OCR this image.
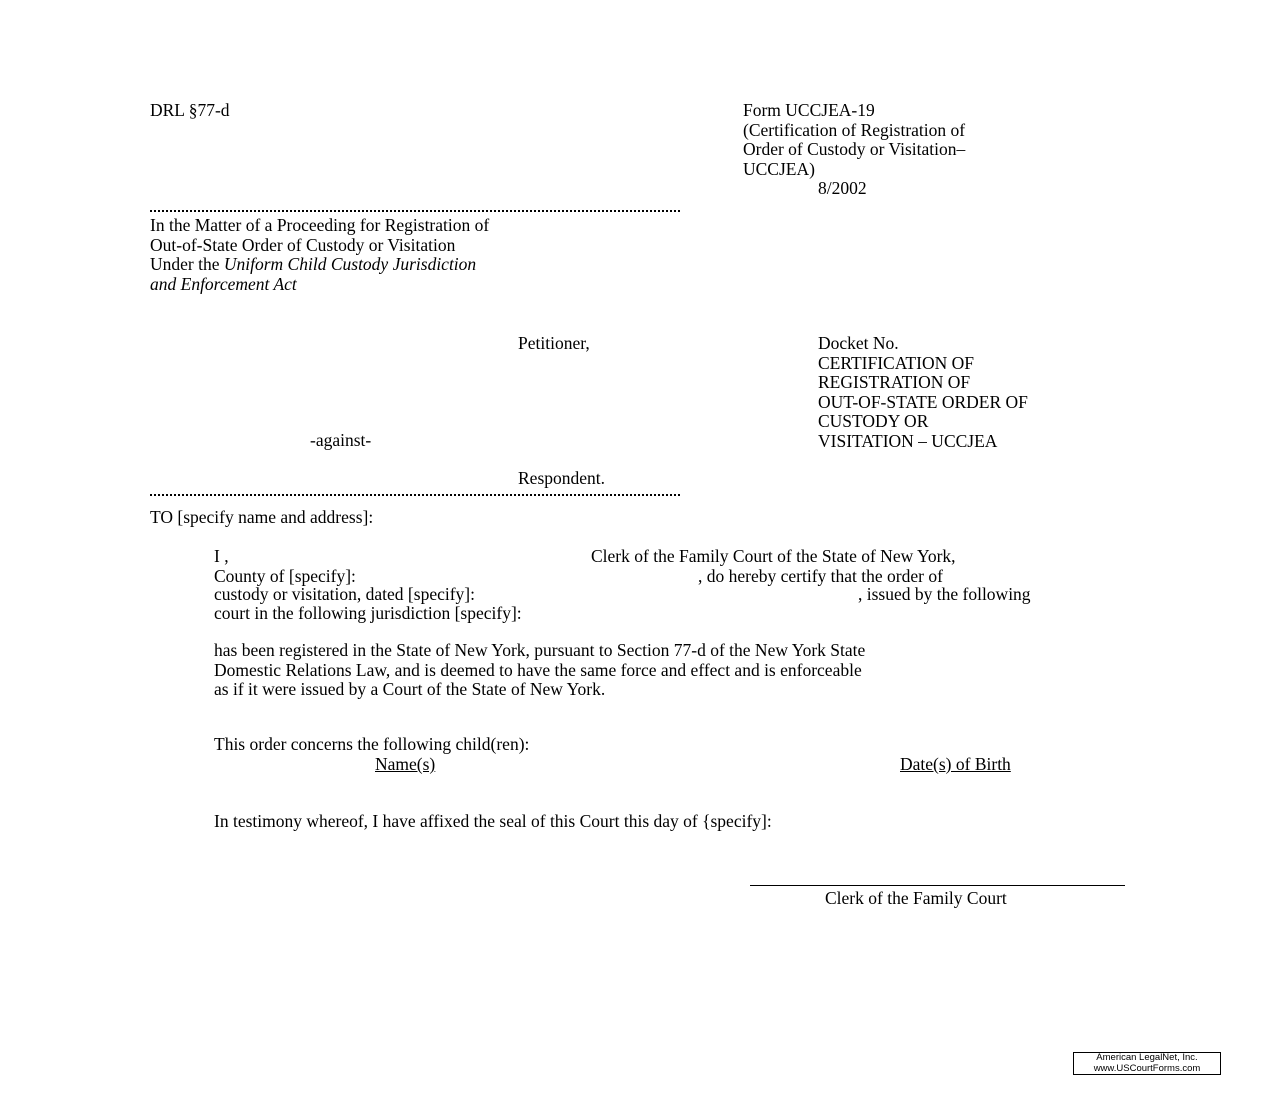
DRL §77-d	Form UCCJEA-19
(Certification of Registration of
Order of Custody or Visitation–
UCCJEA)
8/2002
In the Matter of a Proceeding for Registration of
Out-of-State Order of Custody or Visitation
Under the Uniform Child Custody Jurisdiction
and Enforcement Act
Petitioner,
-against-
Respondent.
Docket No.
CERTIFICATION OF
REGISTRATION OF
OUT-OF-STATE ORDER OF
CUSTODY OR
VISITATION – UCCJEA
TO [specify name and address]:
I ,	Clerk of the Family Court of the State of New York,
County of [specify]:	, do hereby certify that the order of
custody or visitation, dated [specify]:	, issued by the following
court in the following jurisdiction [specify]:
has been registered in the State of New York, pursuant to Section 77-d of the New York State
Domestic Relations Law, and is deemed to have the same force and effect and is enforceable
as if it were issued by a Court of the State of New York.
This order concerns the following child(ren):
Name(s)	Date(s) of Birth
In testimony whereof, I have affixed the seal of this Court this day of {specify]:
Clerk of the Family Court
American LegalNet, Inc.
www.USCourtForms.com
